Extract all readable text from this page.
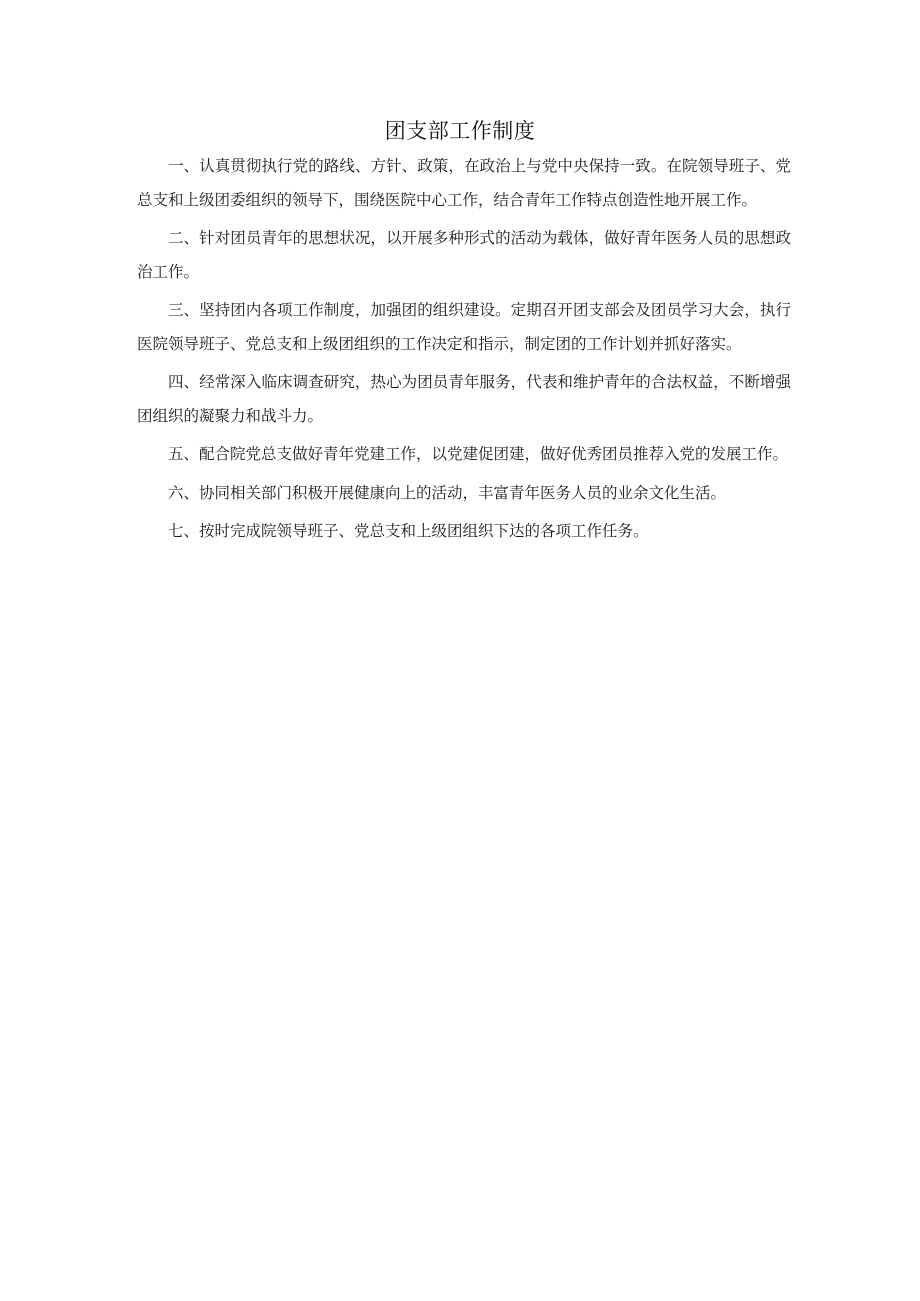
团支部工作制度

一、认真贯彻执行党的路线、方针、政策，在政治上与党中央保持一致。在院领导班子、党总支和上级团委组织的领导下，围绕医院中心工作，结合青年工作特点创造性地开展工作。

二、针对团员青年的思想状况，以开展多种形式的活动为载体，做好青年医务人员的思想政治工作。

三、坚持团内各项工作制度，加强团的组织建设。定期召开团支部会及团员学习大会，执行医院领导班子、党总支和上级团组织的工作决定和指示，制定团的工作计划并抓好落实。

四、经常深入临床调查研究，热心为团员青年服务，代表和维护青年的合法权益，不断增强团组织的凝聚力和战斗力。

五、配合院党总支做好青年党建工作，以党建促团建，做好优秀团员推荐入党的发展工作。

六、协同相关部门积极开展健康向上的活动，丰富青年医务人员的业余文化生活。

七、按时完成院领导班子、党总支和上级团组织下达的各项工作任务。
